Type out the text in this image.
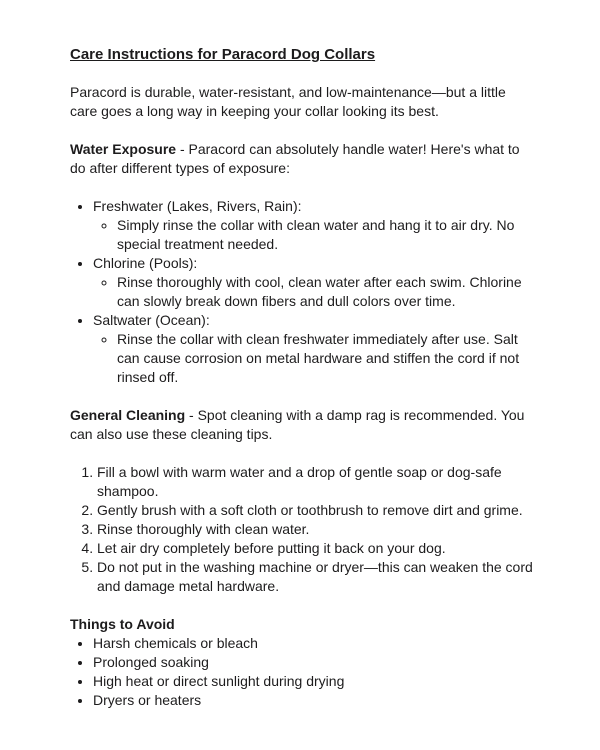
Care Instructions for Paracord Dog Collars

Paracord is durable, water-resistant, and low-maintenance—but a little care goes a long way in keeping your collar looking its best.

Water Exposure - Paracord can absolutely handle water! Here's what to do after different types of exposure:

• Freshwater (Lakes, Rivers, Rain):
◦ Simply rinse the collar with clean water and hang it to air dry. No special treatment needed.
• Chlorine (Pools):
◦ Rinse thoroughly with cool, clean water after each swim. Chlorine can slowly break down fibers and dull colors over time.
• Saltwater (Ocean):
◦ Rinse the collar with clean freshwater immediately after use. Salt can cause corrosion on metal hardware and stiffen the cord if not rinsed off.

General Cleaning - Spot cleaning with a damp rag is recommended. You can also use these cleaning tips.

1. Fill a bowl with warm water and a drop of gentle soap or dog-safe shampoo.
2. Gently brush with a soft cloth or toothbrush to remove dirt and grime.
3. Rinse thoroughly with clean water.
4. Let air dry completely before putting it back on your dog.
5. Do not put in the washing machine or dryer—this can weaken the cord and damage metal hardware.

Things to Avoid

• Harsh chemicals or bleach
• Prolonged soaking
• High heat or direct sunlight during drying
• Dryers or heaters
